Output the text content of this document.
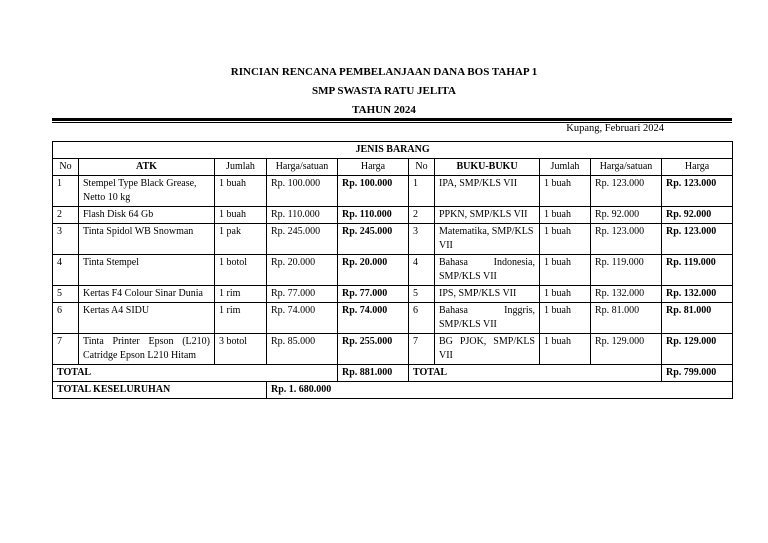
RINCIAN RENCANA PEMBELANJAAN DANA BOS TAHAP 1
SMP SWASTA RATU JELITA
TAHUN 2024
Kupang, Februari 2024
JENIS BARANG									
No	ATK	Jumlah	Harga/satuan	Harga	No	BUKU-BUKU	Jumlah	Harga/satuan	Harga
1	Stempel Type Black Grease, Netto 10 kg	1 buah	Rp. 100.000	Rp. 100.000	1	IPA, SMP/KLS VII	1 buah	Rp. 123.000	Rp. 123.000
2	Flash Disk 64 Gb	1 buah	Rp. 110.000	Rp. 110.000	2	PPKN, SMP/KLS VII	1 buah	Rp. 92.000	Rp. 92.000
3	Tinta Spidol WB Snowman	1 pak	Rp. 245.000	Rp. 245.000	3	Matematika, SMP/KLS VII	1 buah	Rp. 123.000	Rp. 123.000
4	Tinta Stempel	1 botol	Rp. 20.000	Rp. 20.000	4	Bahasa Indonesia, SMP/KLS VII	1 buah	Rp. 119.000	Rp. 119.000
5	Kertas F4 Colour Sinar Dunia	1 rim	Rp. 77.000	Rp. 77.000	5	IPS, SMP/KLS VII	1 buah	Rp. 132.000	Rp. 132.000
6	Kertas A4 SIDU	1 rim	Rp. 74.000	Rp. 74.000	6	Bahasa Inggris, SMP/KLS VII	1 buah	Rp. 81.000	Rp. 81.000
7	Tinta Printer Epson (L210) Catridge Epson L210 Hitam	3 botol	Rp. 85.000	Rp. 255.000	7	BG PJOK, SMP/KLS VII	1 buah	Rp. 129.000	Rp. 129.000
TOTAL				Rp. 881.000	TOTAL				Rp. 799.000
TOTAL KESELURUHAN			Rp. 1. 680.000						
